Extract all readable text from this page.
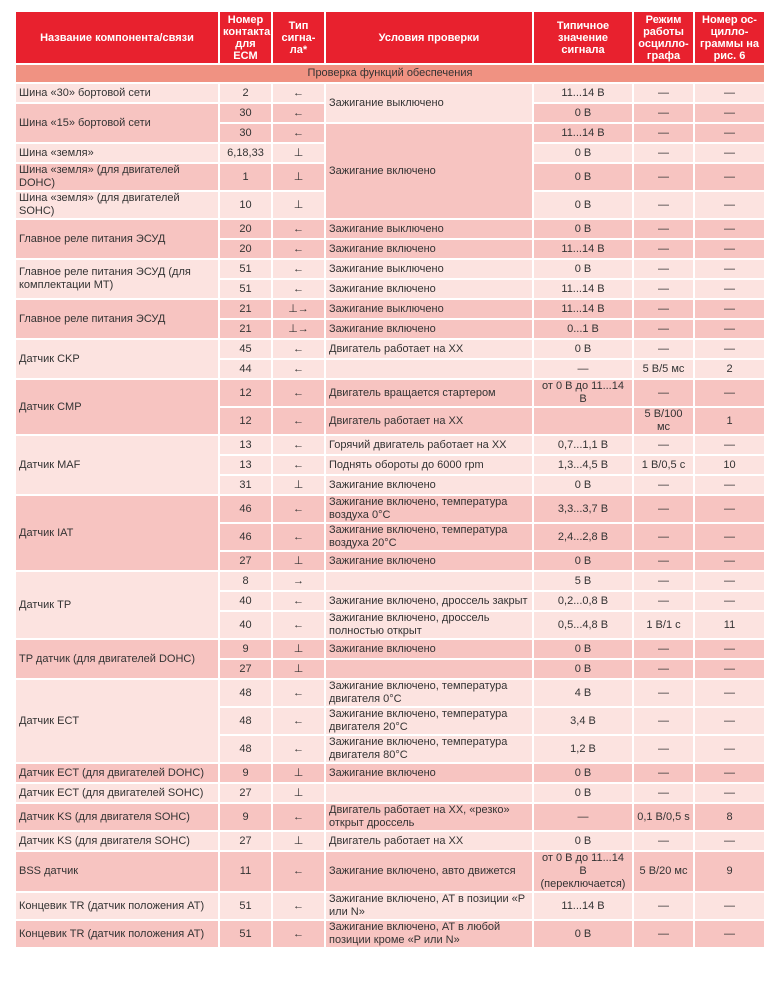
Название компонента/связи	Номер контакта для ECM	Тип сигна-ла*	Условия проверки	Типичное значение сигнала	Режим работы осцилло-графа	Номер ос-цилло-граммы на рис. 6
Проверка функций обеспечения						
Шина «30» бортовой сети	2	←	Зажигание выключено	11...14 В	—	—
Шина «15» бортовой сети	30	←		0 В	—	—
	30	←	Зажигание включено	11...14 В	—	—
Шина «земля»	6,18,33	⊥		0 В	—	—
Шина «земля» (для двигателей DOHC)	1	⊥		0 В	—	—
Шина «земля» (для двигателей SOHC)	10	⊥		0 В	—	—
Главное реле питания ЭСУД	20	←	Зажигание выключено	0 В	—	—
	20	←	Зажигание включено	11...14 В	—	—
Главное реле питания ЭСУД (для комплектации MT)	51	←	Зажигание выключено	0 В	—	—
	51	←	Зажигание включено	11...14 В	—	—
Главное реле питания ЭСУД	21	⊥→	Зажигание выключено	11...14 В	—	—
	21	⊥→	Зажигание включено	0...1 В	—	—
Датчик CKP	45	←	Двигатель работает на XX	0 В	—	—
	44	←		—	5 В/5 мс	2
Датчик CMP	12	←	Двигатель вращается стартером	от 0 В до 11...14 В	—	—
	12	←	Двигатель работает на XX		5 В/100 мс	1
Датчик MAF	13	←	Горячий двигатель работает на XX	0,7...1,1 В	—	—
	13	←	Поднять обороты до 6000 rpm	1,3...4,5 В	1 В/0,5 с	10
	31	⊥	Зажигание включено	0 В	—	—
Датчик IAT	46	←	Зажигание включено, температура воздуха 0°C	3,3...3,7 В	—	—
	46	←	Зажигание включено, температура воздуха 20°C	2,4...2,8 В	—	—
	27	⊥	Зажигание включено	0 В	—	—
Датчик TP	8	→		5 В	—	—
	40	←	Зажигание включено, дроссель закрыт	0,2...0,8 В	—	—
	40	←	Зажигание включено, дроссель полностью открыт	0,5...4,8 В	1 В/1 с	11
TP датчик (для двигателей DOHC)	9	⊥	Зажигание включено	0 В	—	—
	27	⊥		0 В	—	—
Датчик ECT	48	←	Зажигание включено, температура двигателя 0°C	4 В	—	—
	48	←	Зажигание включено, температура двигателя 20°C	3,4 В	—	—
	48	←	Зажигание включено, температура двигателя 80°C	1,2 В	—	—
Датчик ECT (для двигателей DOHC)	9	⊥	Зажигание включено	0 В	—	—
Датчик ECT (для двигателей SOHC)	27	⊥		0 В	—	—
Датчик KS (для двигателя SOHC)	9	←	Двигатель работает на XX, «резко» открыт дроссель	—	0,1 В/0,5 s	8
Датчик KS (для двигателя SOHC)	27	⊥	Двигатель работает на XX	0 В	—	—
BSS датчик	11	←	Зажигание включено, авто движется	от 0 В до 11...14 В (переключается)	5 В/20 мс	9
Концевик TR (датчик положения AT)	51	←	Зажигание включено, AT в позиции «P или N»	11...14 В	—	—
Концевик TR (датчик положения AT)	51	←	Зажигание включено, AT в любой позиции кроме «P или N»	0 В	—	—
